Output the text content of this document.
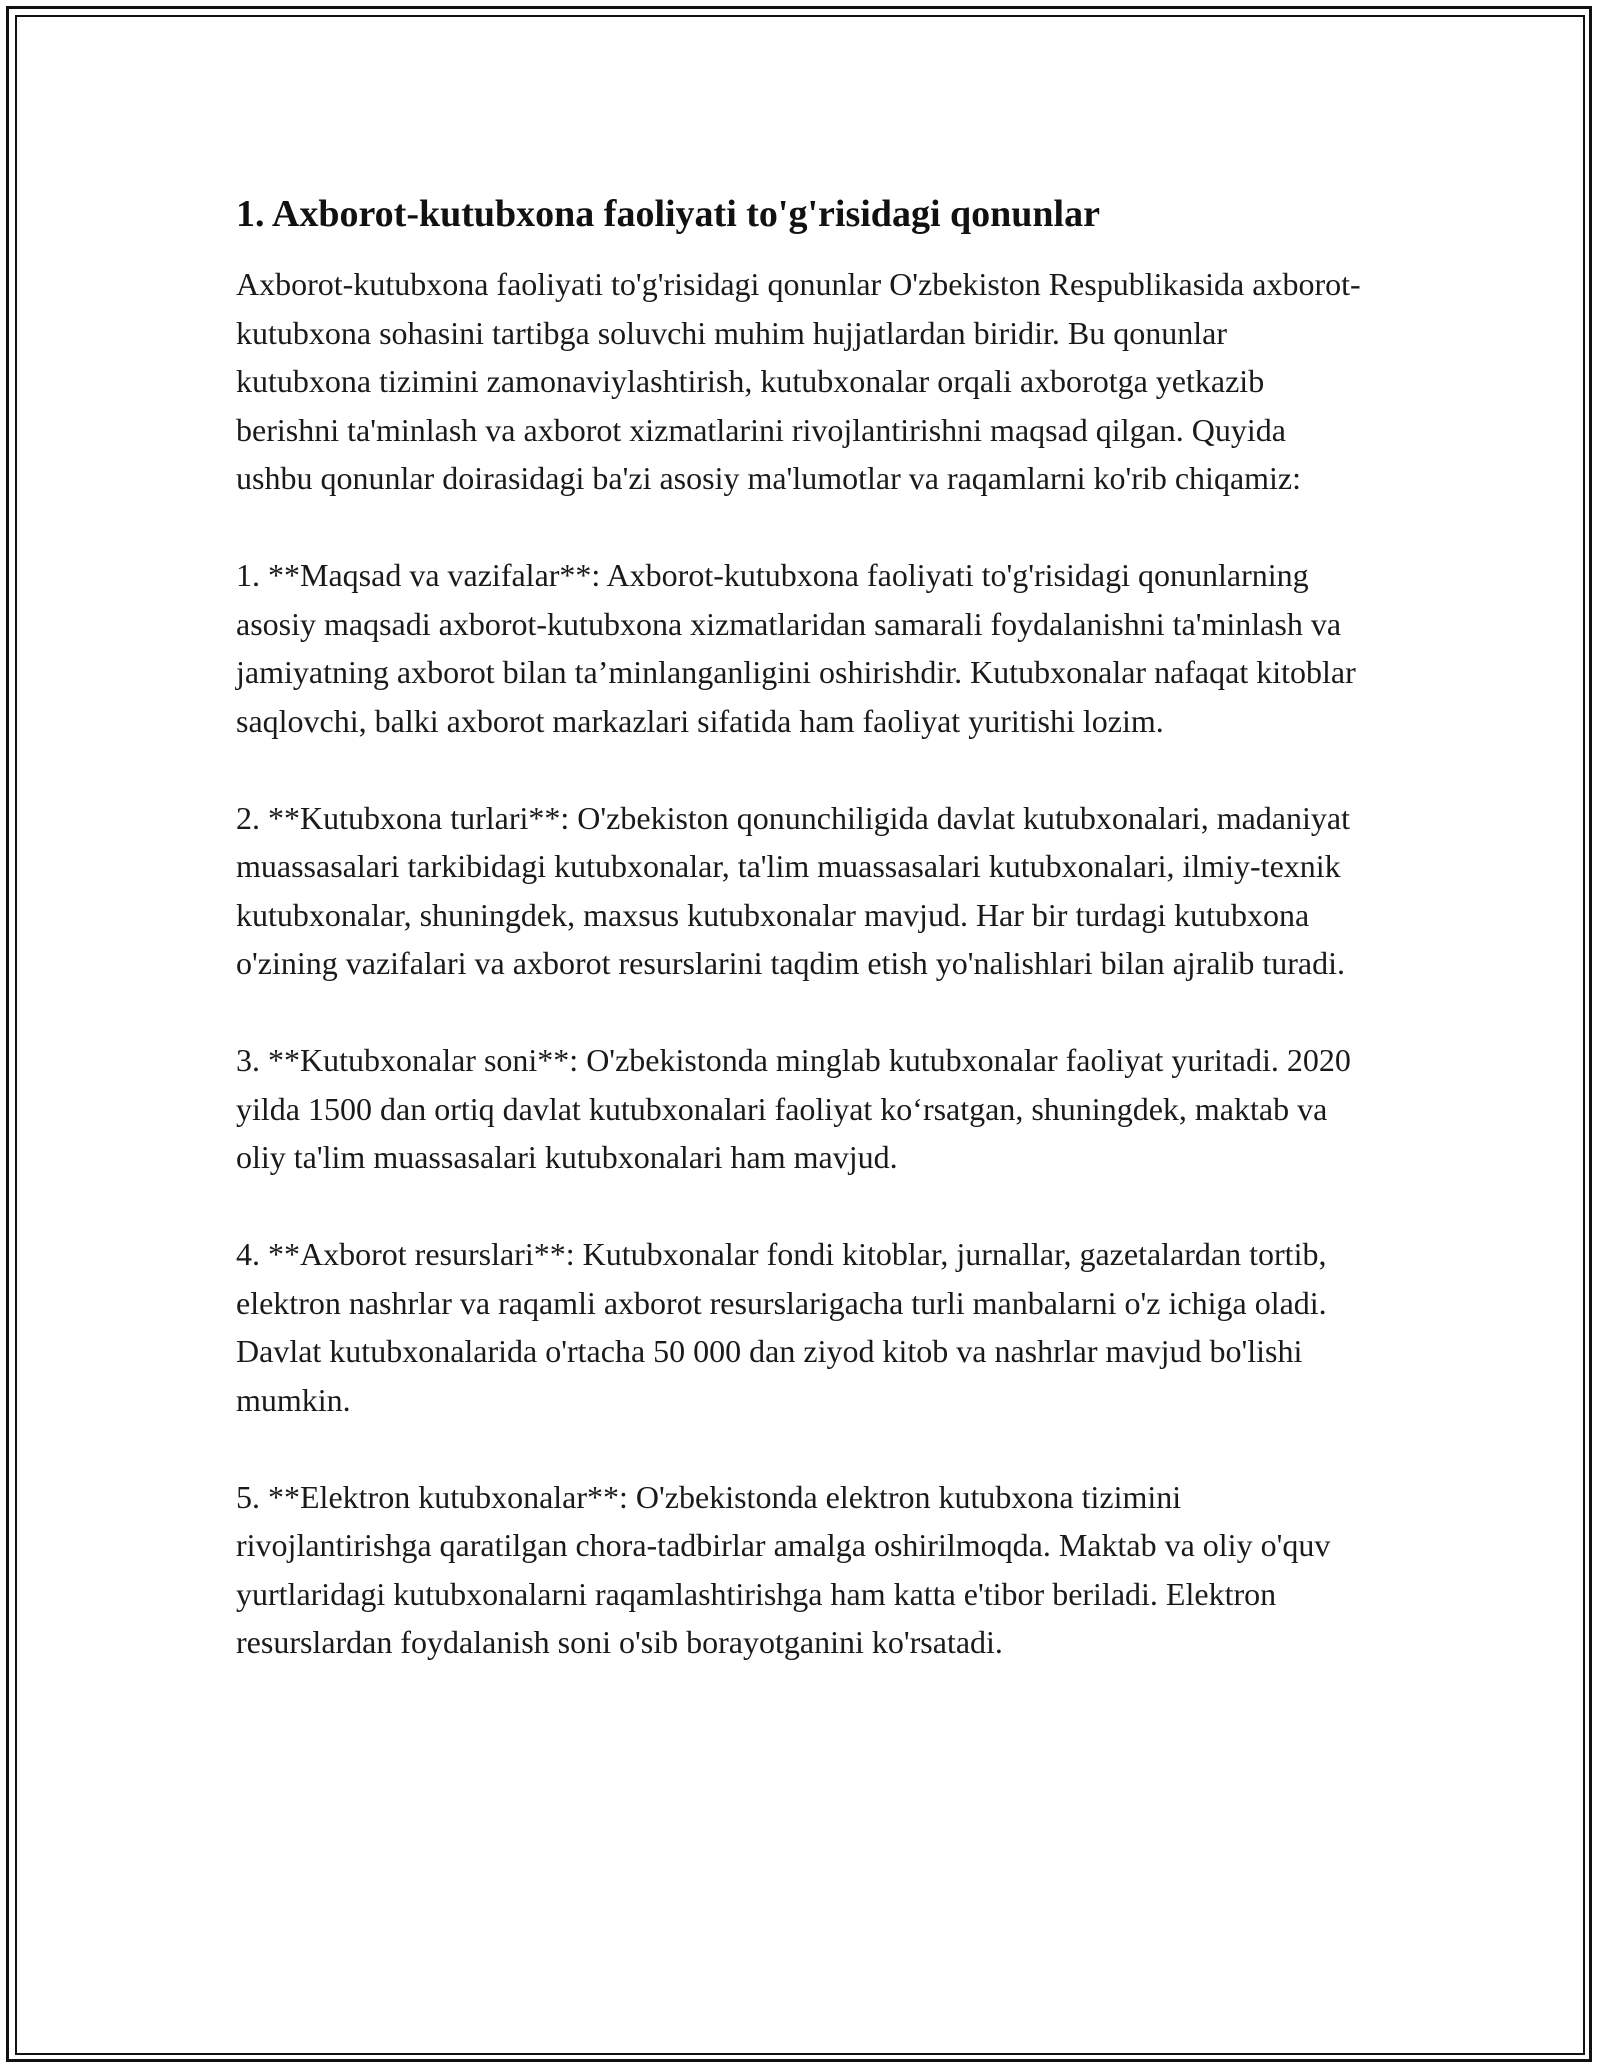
1. Axborot-kutubxona faoliyati to'g'risidagi qonunlar

Axborot-kutubxona faoliyati to'g'risidagi qonunlar O'zbekiston Respublikasida axborot-kutubxona sohasini tartibga soluvchi muhim hujjatlardan biridir. Bu qonunlar kutubxona tizimini zamonaviylashtirish, kutubxonalar orqali axborotga yetkazib berishni ta'minlash va axborot xizmatlarini rivojlantirishni maqsad qilgan. Quyida ushbu qonunlar doirasidagi ba'zi asosiy ma'lumotlar va raqamlarni ko'rib chiqamiz:

1. **Maqsad va vazifalar**: Axborot-kutubxona faoliyati to'g'risidagi qonunlarning asosiy maqsadi axborot-kutubxona xizmatlaridan samarali foydalanishni ta'minlash va jamiyatning axborot bilan ta’minlanganligini oshirishdir. Kutubxonalar nafaqat kitoblar saqlovchi, balki axborot markazlari sifatida ham faoliyat yuritishi lozim.

2. **Kutubxona turlari**: O'zbekiston qonunchiligida davlat kutubxonalari, madaniyat muassasalari tarkibidagi kutubxonalar, ta'lim muassasalari kutubxonalari, ilmiy-texnik kutubxonalar, shuningdek, maxsus kutubxonalar mavjud. Har bir turdagi kutubxona o'zining vazifalari va axborot resurslarini taqdim etish yo'nalishlari bilan ajralib turadi.

3. **Kutubxonalar soni**: O'zbekistonda minglab kutubxonalar faoliyat yuritadi. 2020 yilda 1500 dan ortiq davlat kutubxonalari faoliyat ko‘rsatgan, shuningdek, maktab va oliy ta'lim muassasalari kutubxonalari ham mavjud.

4. **Axborot resurslari**: Kutubxonalar fondi kitoblar, jurnallar, gazetalardan tortib, elektron nashrlar va raqamli axborot resurslarigacha turli manbalarni o'z ichiga oladi. Davlat kutubxonalarida o'rtacha 50 000 dan ziyod kitob va nashrlar mavjud bo'lishi mumkin.

5. **Elektron kutubxonalar**: O'zbekistonda elektron kutubxona tizimini rivojlantirishga qaratilgan chora-tadbirlar amalga oshirilmoqda. Maktab va oliy o'quv yurtlaridagi kutubxonalarni raqamlashtirishga ham katta e'tibor beriladi. Elektron resurslardan foydalanish soni o'sib borayotganini ko'rsatadi.
